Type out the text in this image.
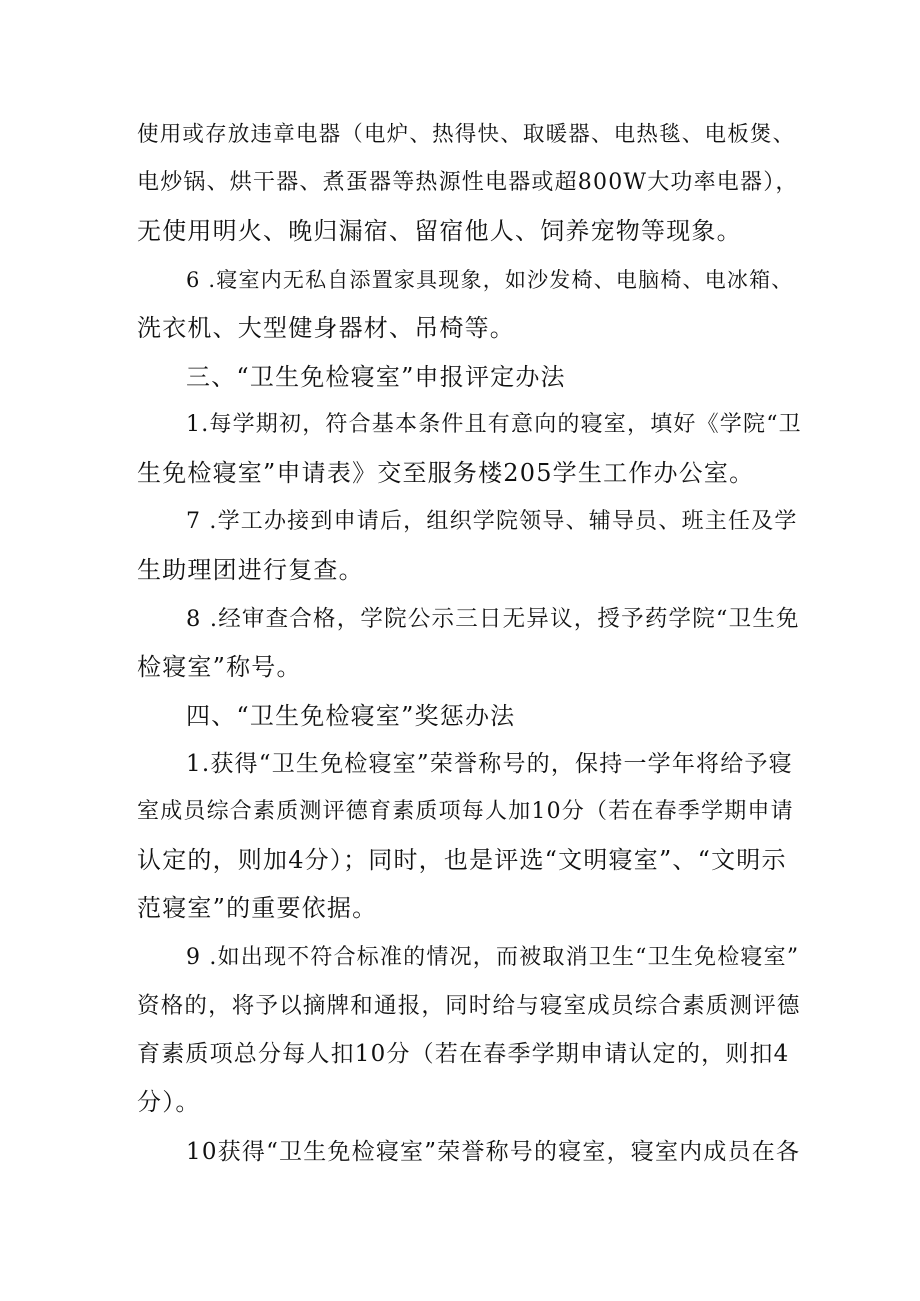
使用或存放违章电器（电炉、热得快、取暖器、电热毯、电板煲、
电炒锅、烘干器、煮蛋器等热源性电器或超800W大功率电器），
无使用明火、晚归漏宿、留宿他人、饲养宠物等现象。
6 .寝室内无私自添置家具现象，如沙发椅、电脑椅、电冰箱、
洗衣机、大型健身器材、吊椅等。
三、“卫生免检寝室”申报评定办法
1.每学期初，符合基本条件且有意向的寝室，填好《学院“卫
生免检寝室”申请表》交至服务楼205学生工作办公室。
7 .学工办接到申请后，组织学院领导、辅导员、班主任及学
生助理团进行复查。
8 .经审查合格，学院公示三日无异议，授予药学院“卫生免
检寝室”称号。
四、“卫生免检寝室”奖惩办法
1.获得“卫生免检寝室”荣誉称号的，保持一学年将给予寝
室成员综合素质测评德育素质项每人加10分（若在春季学期申请
认定的，则加4分）；同时，也是评选“文明寝室”、“文明示
范寝室”的重要依据。
9 .如出现不符合标准的情况，而被取消卫生“卫生免检寝室”
资格的，将予以摘牌和通报，同时给与寝室成员综合素质测评德
育素质项总分每人扣10分（若在春季学期申请认定的，则扣4
分）。
10获得“卫生免检寝室”荣誉称号的寝室，寝室内成员在各
